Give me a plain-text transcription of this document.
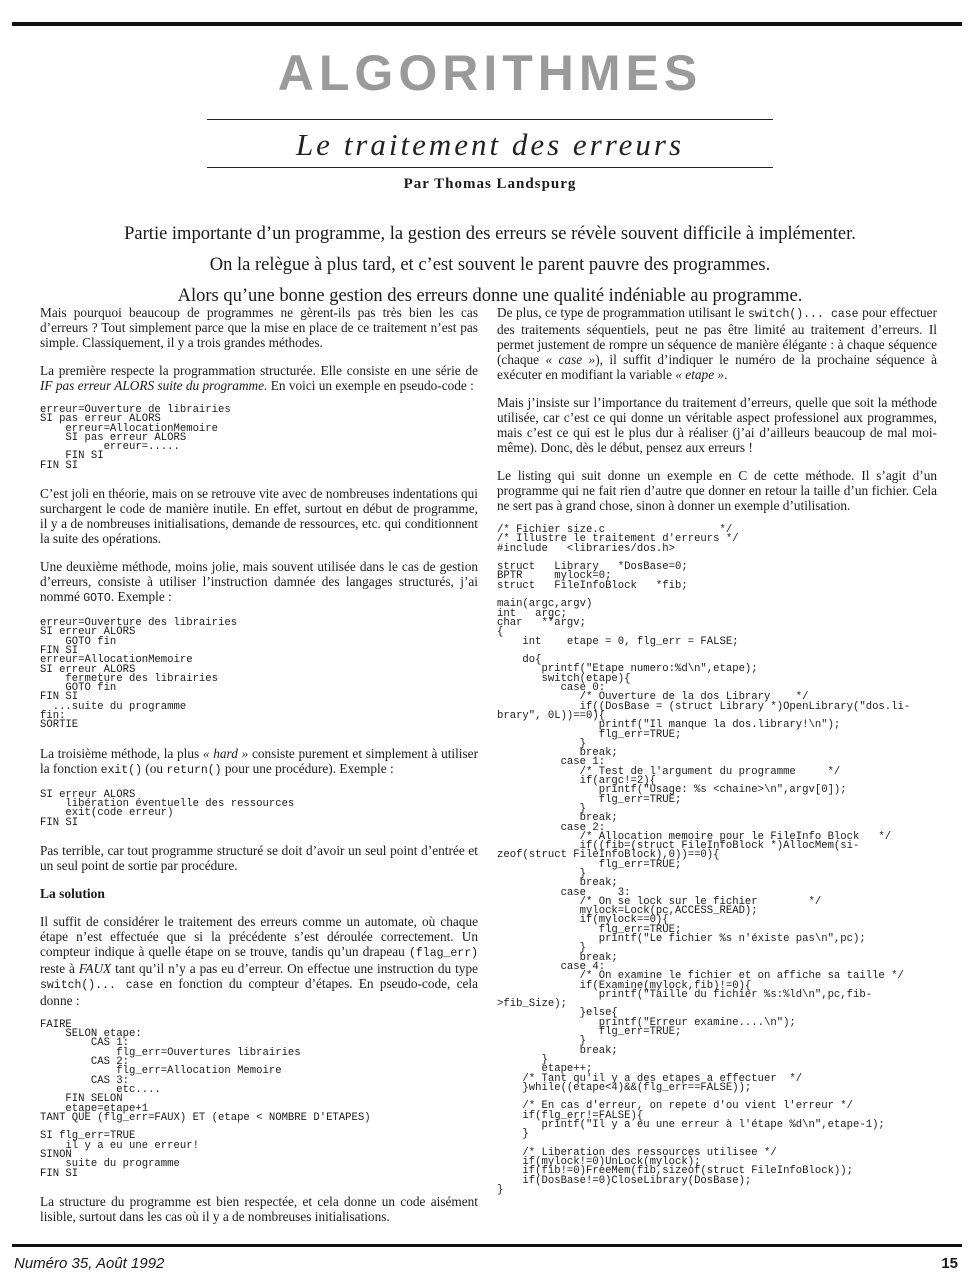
ALGORITHMES
Le traitement des erreurs
Par Thomas Landspurg
Partie importante d’un programme, la gestion des erreurs se révèle souvent difficile à implémenter.
On la relègue à plus tard, et c’est souvent le parent pauvre des programmes.
Alors qu’une bonne gestion des erreurs donne une qualité indéniable au programme.

Mais pourquoi beaucoup de programmes ne gèrent-ils pas très bien les cas d’erreurs ? Tout simplement parce que la mise en place de ce traitement n’est pas simple. Classiquement, il y a trois grandes méthodes.

La première respecte la programmation structurée. Elle consiste en une série de IF pas erreur ALORS suite du programme. En voici un exemple en pseudo-code :

erreur=Ouverture de librairies
SI pas erreur ALORS
erreur=AllocationMemoire
SI pas erreur ALORS
erreur=.....
FIN SI
FIN SI

C’est joli en théorie, mais on se retrouve vite avec de nombreuses indentations qui surchargent le code de manière inutile. En effet, surtout en début de programme, il y a de nombreuses initialisations, demande de ressources, etc. qui conditionnent la suite des opérations.

Une deuxième méthode, moins jolie, mais souvent utilisée dans le cas de gestion d’erreurs, consiste à utiliser l’instruction damnée des langages structurés, j’ai nommé GOTO. Exemple :

erreur=Ouverture des librairies
SI erreur ALORS
GOTO fin
FIN SI
erreur=AllocationMemoire
SI erreur ALORS
fermeture des librairies
GOTO fin
FIN SI
...suite du programme
fin:
SORTIE

La troisième méthode, la plus « hard » consiste purement et simplement à utiliser la fonction exit() (ou return() pour une procédure). Exemple :

SI erreur ALORS
libération éventuelle des ressources
exit(code erreur)
FIN SI

Pas terrible, car tout programme structuré se doit d’avoir un seul point d’entrée et un seul point de sortie par procédure.

La solution

Il suffit de considérer le traitement des erreurs comme un automate, où chaque étape n’est effectuée que si la précédente s’est déroulée correctement. Un compteur indique à quelle étape on se trouve, tandis qu’un drapeau (flag_err) reste à FAUX tant qu’il n’y a pas eu d’erreur. On effectue une instruction du type switch()... case en fonction du compteur d’étapes. En pseudo-code, cela donne :

FAIRE
SELON etape:
CAS 1:
flg_err=Ouvertures librairies
CAS 2:
flg_err=Allocation Memoire
CAS 3:
etc....
FIN SELON
etape=etape+1
TANT QUE (flg_err=FAUX) ET (etape < NOMBRE D'ETAPES)

SI flg_err=TRUE
il y a eu une erreur!
SINON
suite du programme
FIN SI

La structure du programme est bien respectée, et cela donne un code aisément lisible, surtout dans les cas où il y a de nombreuses initialisations.

De plus, ce type de programmation utilisant le switch()... case pour effectuer des traitements séquentiels, peut ne pas être limité au traitement d’erreurs. Il permet justement de rompre un séquence de manière élégante : à chaque séquence (chaque « case »), il suffit d’indiquer le numéro de la prochaine séquence à exécuter en modifiant la variable « etape ».

Mais j’insiste sur l’importance du traitement d’erreurs, quelle que soit la méthode utilisée, car c’est ce qui donne un véritable aspect professionel aux programmes, mais c’est ce qui est le plus dur à réaliser (j’ai d’ailleurs beaucoup de mal moi-même). Donc, dès le début, pensez aux erreurs !

Le listing qui suit donne un exemple en C de cette méthode. Il s’agit d’un programme qui ne fait rien d’autre que donner en retour la taille d’un fichier. Cela ne sert pas à grand chose, sinon à donner un exemple d’utilisation.

/* Fichier size.c                  */
/* Illustre le traitement d'erreurs */
#include   <libraries/dos.h>

struct   Library   *DosBase=0;
BPTR     mylock=0;
struct   FileInfoBlock   *fib;

main(argc,argv)
int   argc;
char   **argv;
{
int    etape = 0, flg_err = FALSE;

do{
printf("Etape numero:%d\n",etape);
switch(etape){
case 0:
/* Ouverture de la dos Library    */
if((DosBase = (struct Library *)OpenLibrary("dos.li-
brary", 0L))==0){
printf("Il manque la dos.library!\n");
flg_err=TRUE;
}
break;
case 1:
/* Test de l'argument du programme     */
if(argc!=2){
printf("Usage: %s <chaine>\n",argv[0]);
flg_err=TRUE;
}
break;
case 2:
/* Allocation memoire pour le FileInfo Block   */
if((fib=(struct FileInfoBlock *)AllocMem(si-
zeof(struct FileInfoBlock),0))==0){
flg_err=TRUE;
}
break;
case     3:
/* On se lock sur le fichier        */
mylock=Lock(pc,ACCESS_READ);
if(mylock==0){
flg_err=TRUE;
printf("Le fichier %s n'éxiste pas\n",pc);
}
break;
case 4:
/* On examine le fichier et on affiche sa taille */
if(Examine(mylock,fib)!=0){
printf("Taille du fichier %s:%ld\n",pc,fib-
>fib_Size);
}else{
printf("Erreur examine....\n");
flg_err=TRUE;
}
break;
}
etape++;
/* Tant qu'il y a des etapes a effectuer  */
}while((etape<4)&&(flg_err==FALSE));

/* En cas d'erreur, on repete d'ou vient l'erreur */
if(flg_err!=FALSE){
printf("Il y a eu une erreur à l'étape %d\n",etape-1);
}

/* Liberation des ressources utilisee */
if(mylock!=0)UnLock(mylock);
if(fib!=0)FreeMem(fib,sizeof(struct FileInfoBlock));
if(DosBase!=0)CloseLibrary(DosBase);
}
Numéro 35, Août 1992	15
